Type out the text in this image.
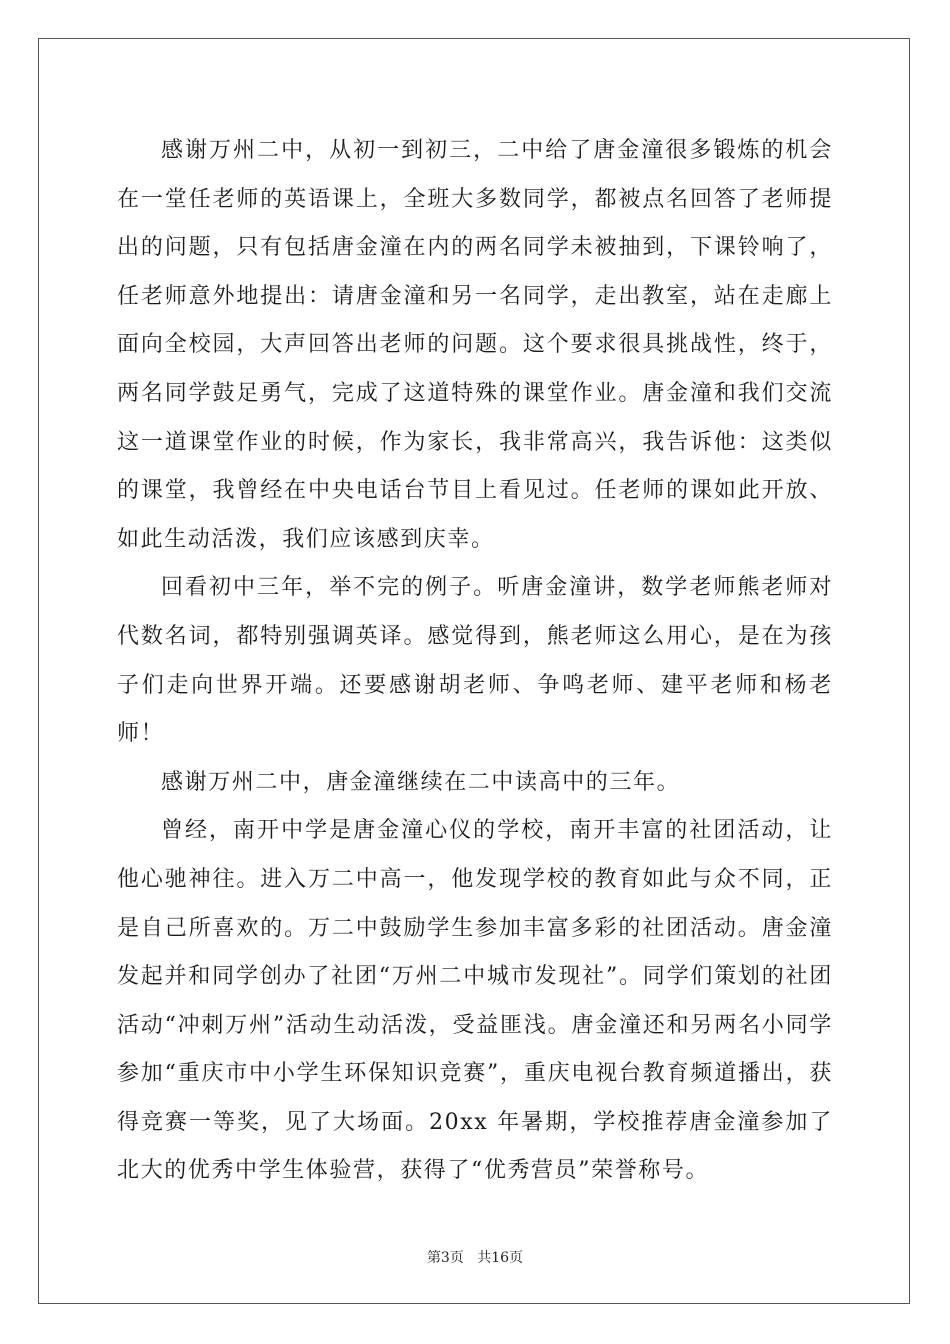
感谢万州二中，从初一到初三，二中给了唐金潼很多锻炼的机会在一堂任老师的英语课上，全班大多数同学，都被点名回答了老师提出的问题，只有包括唐金潼在内的两名同学未被抽到，下课铃响了，任老师意外地提出：请唐金潼和另一名同学，走出教室，站在走廊上面向全校园，大声回答出老师的问题。这个要求很具挑战性，终于，两名同学鼓足勇气，完成了这道特殊的课堂作业。唐金潼和我们交流这一道课堂作业的时候，作为家长，我非常高兴，我告诉他：这类似的课堂，我曾经在中央电话台节目上看见过。任老师的课如此开放、如此生动活泼，我们应该感到庆幸。

回看初中三年，举不完的例子。听唐金潼讲，数学老师熊老师对代数名词，都特别强调英译。感觉得到，熊老师这么用心，是在为孩子们走向世界开端。还要感谢胡老师、争鸣老师、建平老师和杨老师！

感谢万州二中，唐金潼继续在二中读高中的三年。

曾经，南开中学是唐金潼心仪的学校，南开丰富的社团活动，让他心驰神往。进入万二中高一，他发现学校的教育如此与众不同，正是自己所喜欢的。万二中鼓励学生参加丰富多彩的社团活动。唐金潼发起并和同学创办了社团“万州二中城市发现社”。同学们策划的社团活动“冲刺万州”活动生动活泼，受益匪浅。唐金潼还和另两名小同学参加“重庆市中小学生环保知识竞赛”，重庆电视台教育频道播出，获得竞赛一等奖，见了大场面。20xx 年暑期，学校推荐唐金潼参加了北大的优秀中学生体验营，获得了“优秀营员”荣誉称号。

第3页 共16页
